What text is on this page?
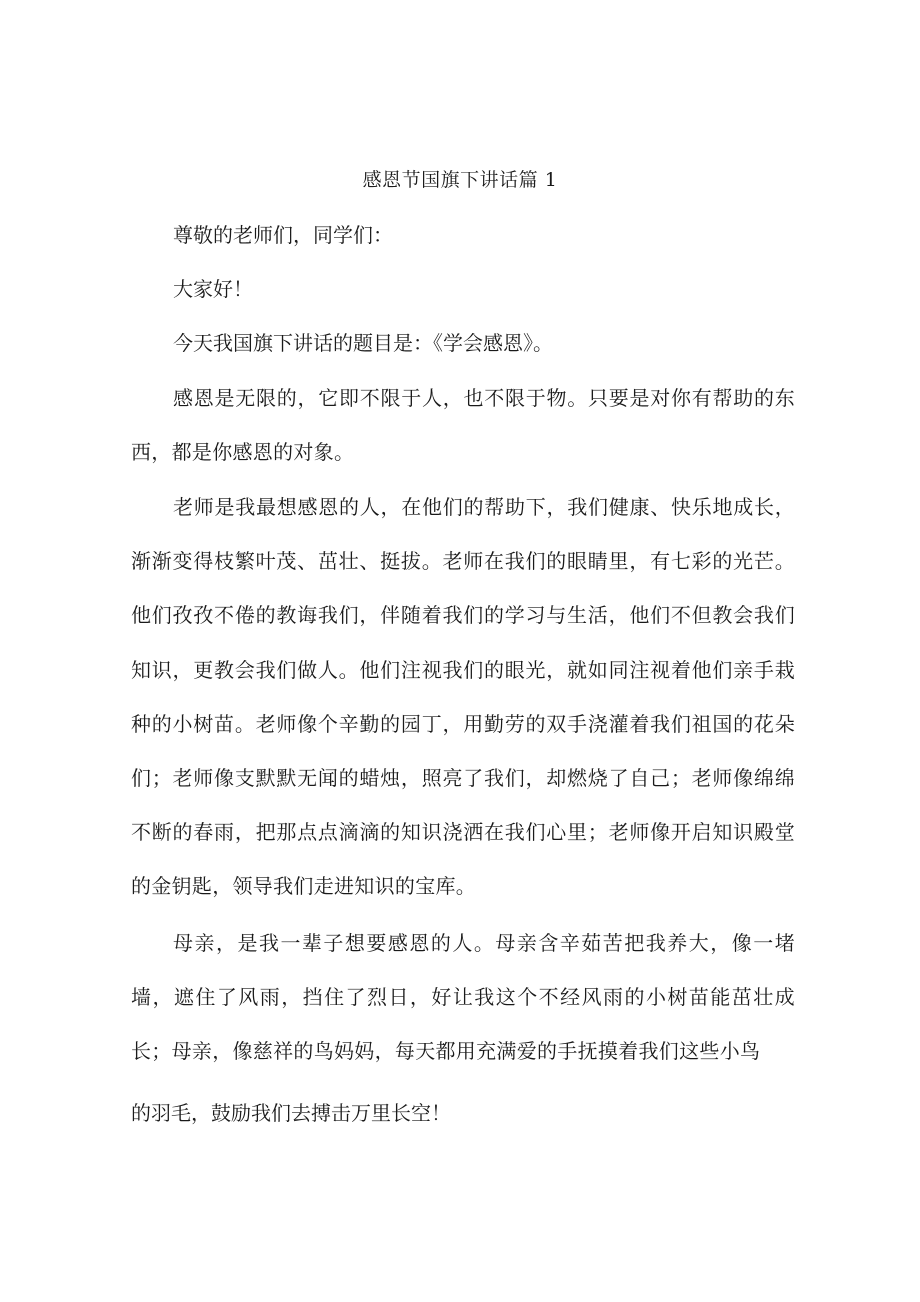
感恩节国旗下讲话篇 1
尊敬的老师们，同学们：
大家好！
今天我国旗下讲话的题目是：《学会感恩》。
感恩是无限的，它即不限于人，也不限于物。只要是对你有帮助的东西，都是你感恩的对象。
老师是我最想感恩的人，在他们的帮助下，我们健康、快乐地成长，渐渐变得枝繁叶茂、茁壮、挺拔。老师在我们的眼睛里，有七彩的光芒。他们孜孜不倦的教诲我们，伴随着我们的学习与生活，他们不但教会我们知识，更教会我们做人。他们注视我们的眼光，就如同注视着他们亲手栽种的小树苗。老师像个辛勤的园丁，用勤劳的双手浇灌着我们祖国的花朵们；老师像支默默无闻的蜡烛，照亮了我们，却燃烧了自己；老师像绵绵不断的春雨，把那点点滴滴的知识浇洒在我们心里；老师像开启知识殿堂的金钥匙，领导我们走进知识的宝库。
母亲，是我一辈子想要感恩的人。母亲含辛茹苦把我养大，像一堵墙，遮住了风雨，挡住了烈日，好让我这个不经风雨的小树苗能茁壮成长；母亲，像慈祥的鸟妈妈，每天都用充满爱的手抚摸着我们这些小鸟
的羽毛，鼓励我们去搏击万里长空！
